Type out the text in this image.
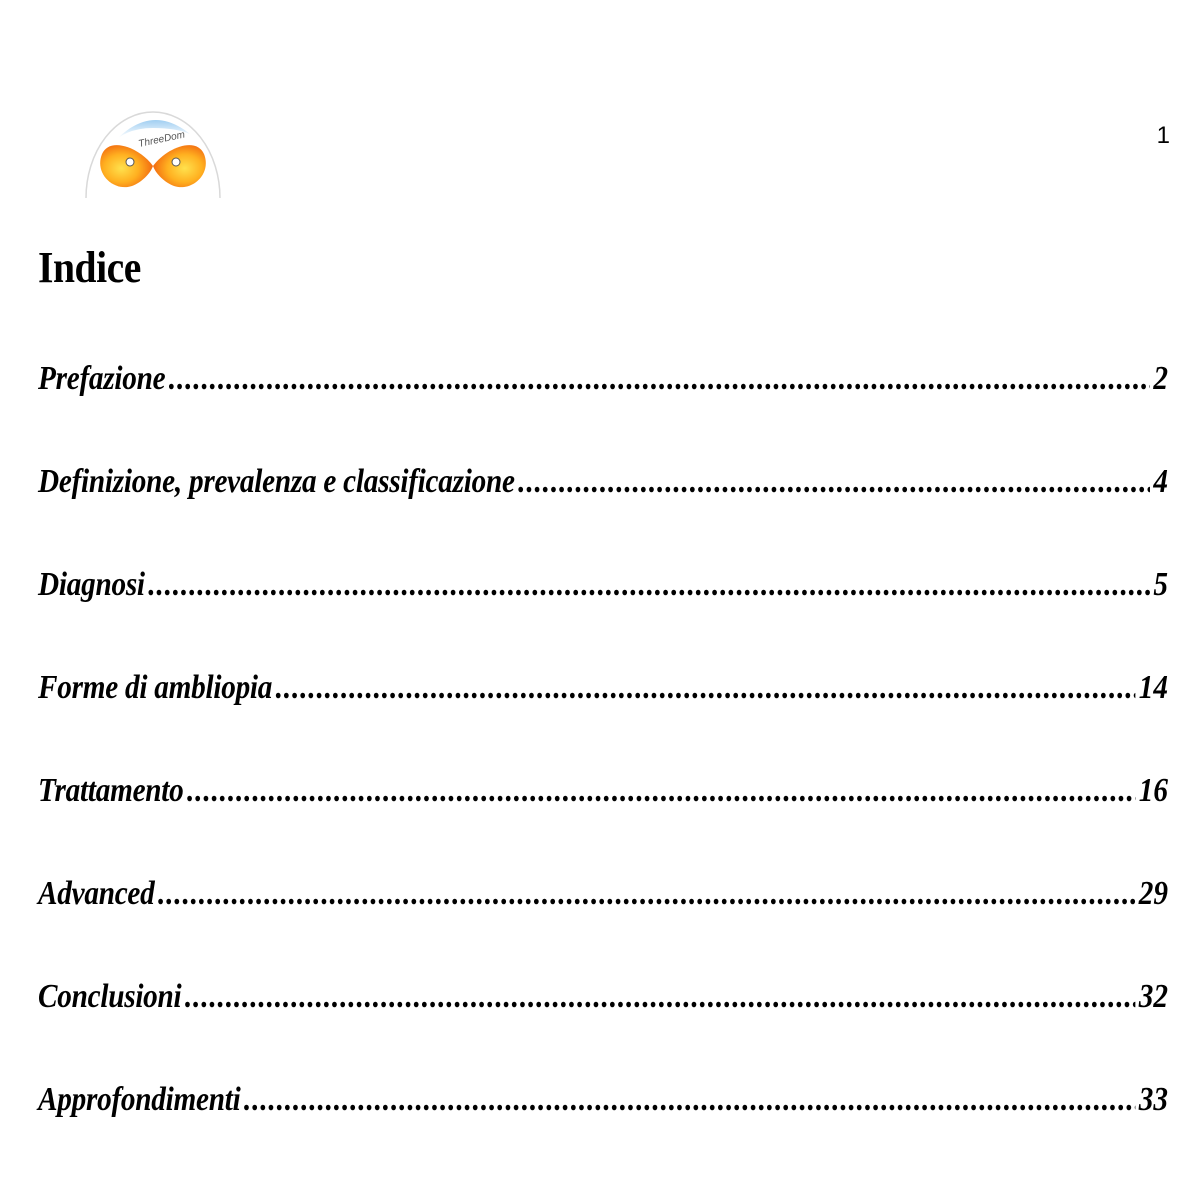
ThreeDom	1
Indice
Prefazione .....	2
Definizione, prevalenza e classificazione .....	4
Diagnosi .....	5
Forme di ambliopia .....	14
Trattamento .....	16
Advanced .....	29
Conclusioni .....	32
Approfondimenti .....	33
